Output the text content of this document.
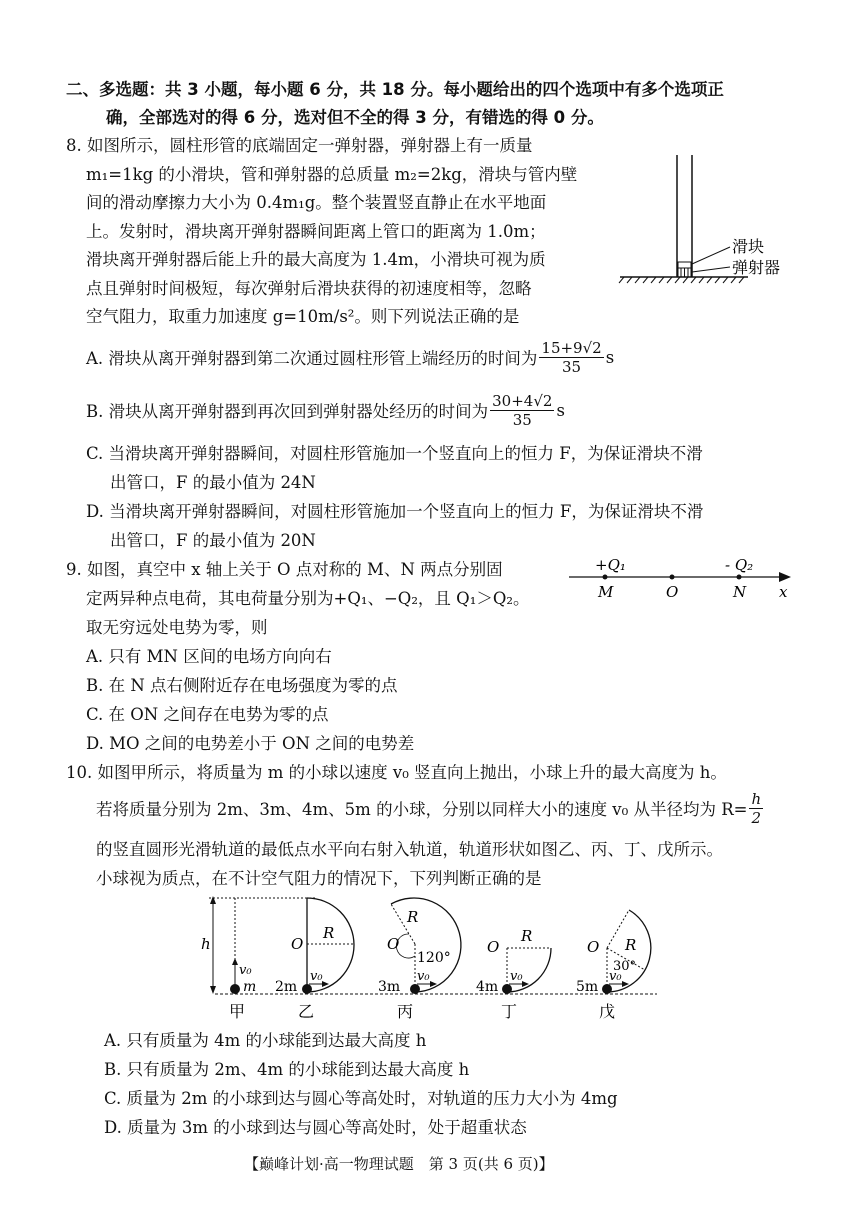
二、多选题：共 3 小题，每小题 6 分，共 18 分。每小题给出的四个选项中有多个选项正
确，全部选对的得 6 分，选对但不全的得 3 分，有错选的得 0 分。
8. 如图所示，圆柱形管的底端固定一弹射器，弹射器上有一质量
m₁=1kg 的小滑块，管和弹射器的总质量 m₂=2kg，滑块与管内壁
间的滑动摩擦力大小为 0.4m₁g。整个装置竖直静止在水平地面
上。发射时，滑块离开弹射器瞬间距离上管口的距离为 1.0m；
滑块离开弹射器后能上升的最大高度为 1.4m，小滑块可视为质
点且弹射时间极短，每次弹射后滑块获得的初速度相等，忽略
空气阻力，取重力加速度 g=10m/s²。则下列说法正确的是
滑块
弹射器
A. 滑块从离开弹射器到第二次通过圆柱形管上端经历的时间为 $\frac{15+9√2}{35}$ s
B. 滑块从离开弹射器到再次回到弹射器处经历的时间为 $\frac{30+4√2}{35}$ s
C. 当滑块离开弹射器瞬间，对圆柱形管施加一个竖直向上的恒力 F，为保证滑块不滑
出管口，F 的最小值为 24N
D. 当滑块离开弹射器瞬间，对圆柱形管施加一个竖直向上的恒力 F，为保证滑块不滑
出管口，F 的最小值为 20N
9. 如图，真空中 x 轴上关于 O 点对称的 M、N 两点分别固
定两异种点电荷，其电荷量分别为+Q₁、−Q₂，且 Q₁＞Q₂。
取无穷远处电势为零，则
+Q₁	- Q₂
M	O	N x
A. 只有 MN 区间的电场方向向右
B. 在 N 点右侧附近存在电场强度为零的点
C. 在 ON 之间存在电势为零的点
D. MO 之间的电势差小于 ON 之间的电势差
10. 如图甲所示，将质量为 m 的小球以速度 v₀ 竖直向上抛出，小球上升的最大高度为 h。
若将质量分别为 2m、3m、4m、5m 的小球，分别以同样大小的速度 v₀ 从半径均为 $R= \frac{h}{2}$
的竖直圆形光滑轨道的最低点水平向右射入轨道，轨道形状如图乙、丙、丁、戊所示。
小球视为质点，在不计空气阻力的情况下，下列判断正确的是
h
v₀
m
甲
O
R
v₀
2m
乙
O
R
120°
v₀
3m
丙
O
R
v₀
4m
丁
O R
30°
v₀
5m
戊
A. 只有质量为 4m 的小球能到达最大高度 h
B. 只有质量为 2m、4m 的小球能到达最大高度 h
C. 质量为 2m 的小球到达与圆心等高处时，对轨道的压力大小为 4mg
D. 质量为 3m 的小球到达与圆心等高处时，处于超重状态
【巅峰计划·高一物理试题　第 3 页(共 6 页)】
